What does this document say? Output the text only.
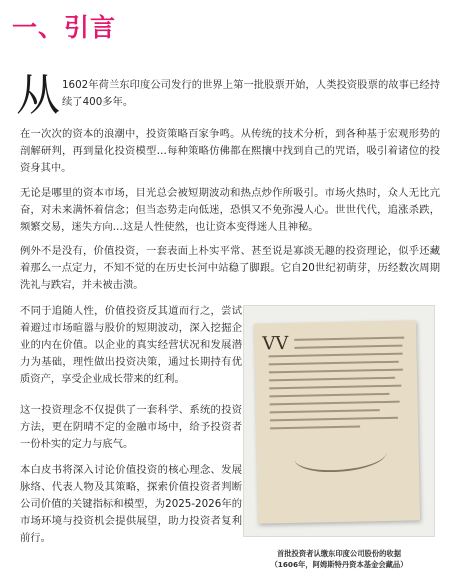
一、引言
从 1602年荷兰东印度公司发行的世界上第一批股票开始，人类投资股票的故事已经持续了400多年。

在一次次的资本的浪潮中，投资策略百家争鸣。从传统的技术分析，到各种基于宏观形势的剖解研判，再到量化投资模型…每种策略仿佛都在熙攘中找到自己的咒语，吸引着诸位的投资身其中。

无论是哪里的资本市场，目光总会被短期波动和热点炒作所吸引。市场火热时，众人无比亢奋，对未来满怀着信念；但当态势走向低迷，恐惧又不免弥漫人心。世世代代，追涨杀跌，频繁交易，迷失方向…这是人性使然，也让资本变得迷人且神秘。

例外不是没有，价值投资，一套表面上朴实平常、甚至说是寡淡无趣的投资理论，似乎还藏着那么一点定力，不知不觉的在历史长河中站稳了脚跟。它自20世纪初萌芽，历经数次周期洗礼与跌宕，并未被击溃。

不同于追随人性，价值投资反其道而行之，尝试着避过市场暄嚣与股价的短期波动，深入挖掘企业的内在价值。以企业的真实经营状况和发展潜力为基础，理性做出投资决策，通过长期持有优质资产，享受企业成长带来的红利。

这一投资理念不仅提供了一套科学、系统的投资方法，更在阴晴不定的金融市场中，给予投资者一份朴实的定力与底气。

本白皮书将深入讨论价值投资的核心理念、发展脉络、代表人物及其策略，探索价值投资者判断公司价值的关键指标和模型，为2025-2026年的市场环境与投资机会提供展望，助力投资者复利前行。

VV
首批投资者认缴东印度公司股份的收据
（1606年，阿姆斯特丹资本基金会藏品）
